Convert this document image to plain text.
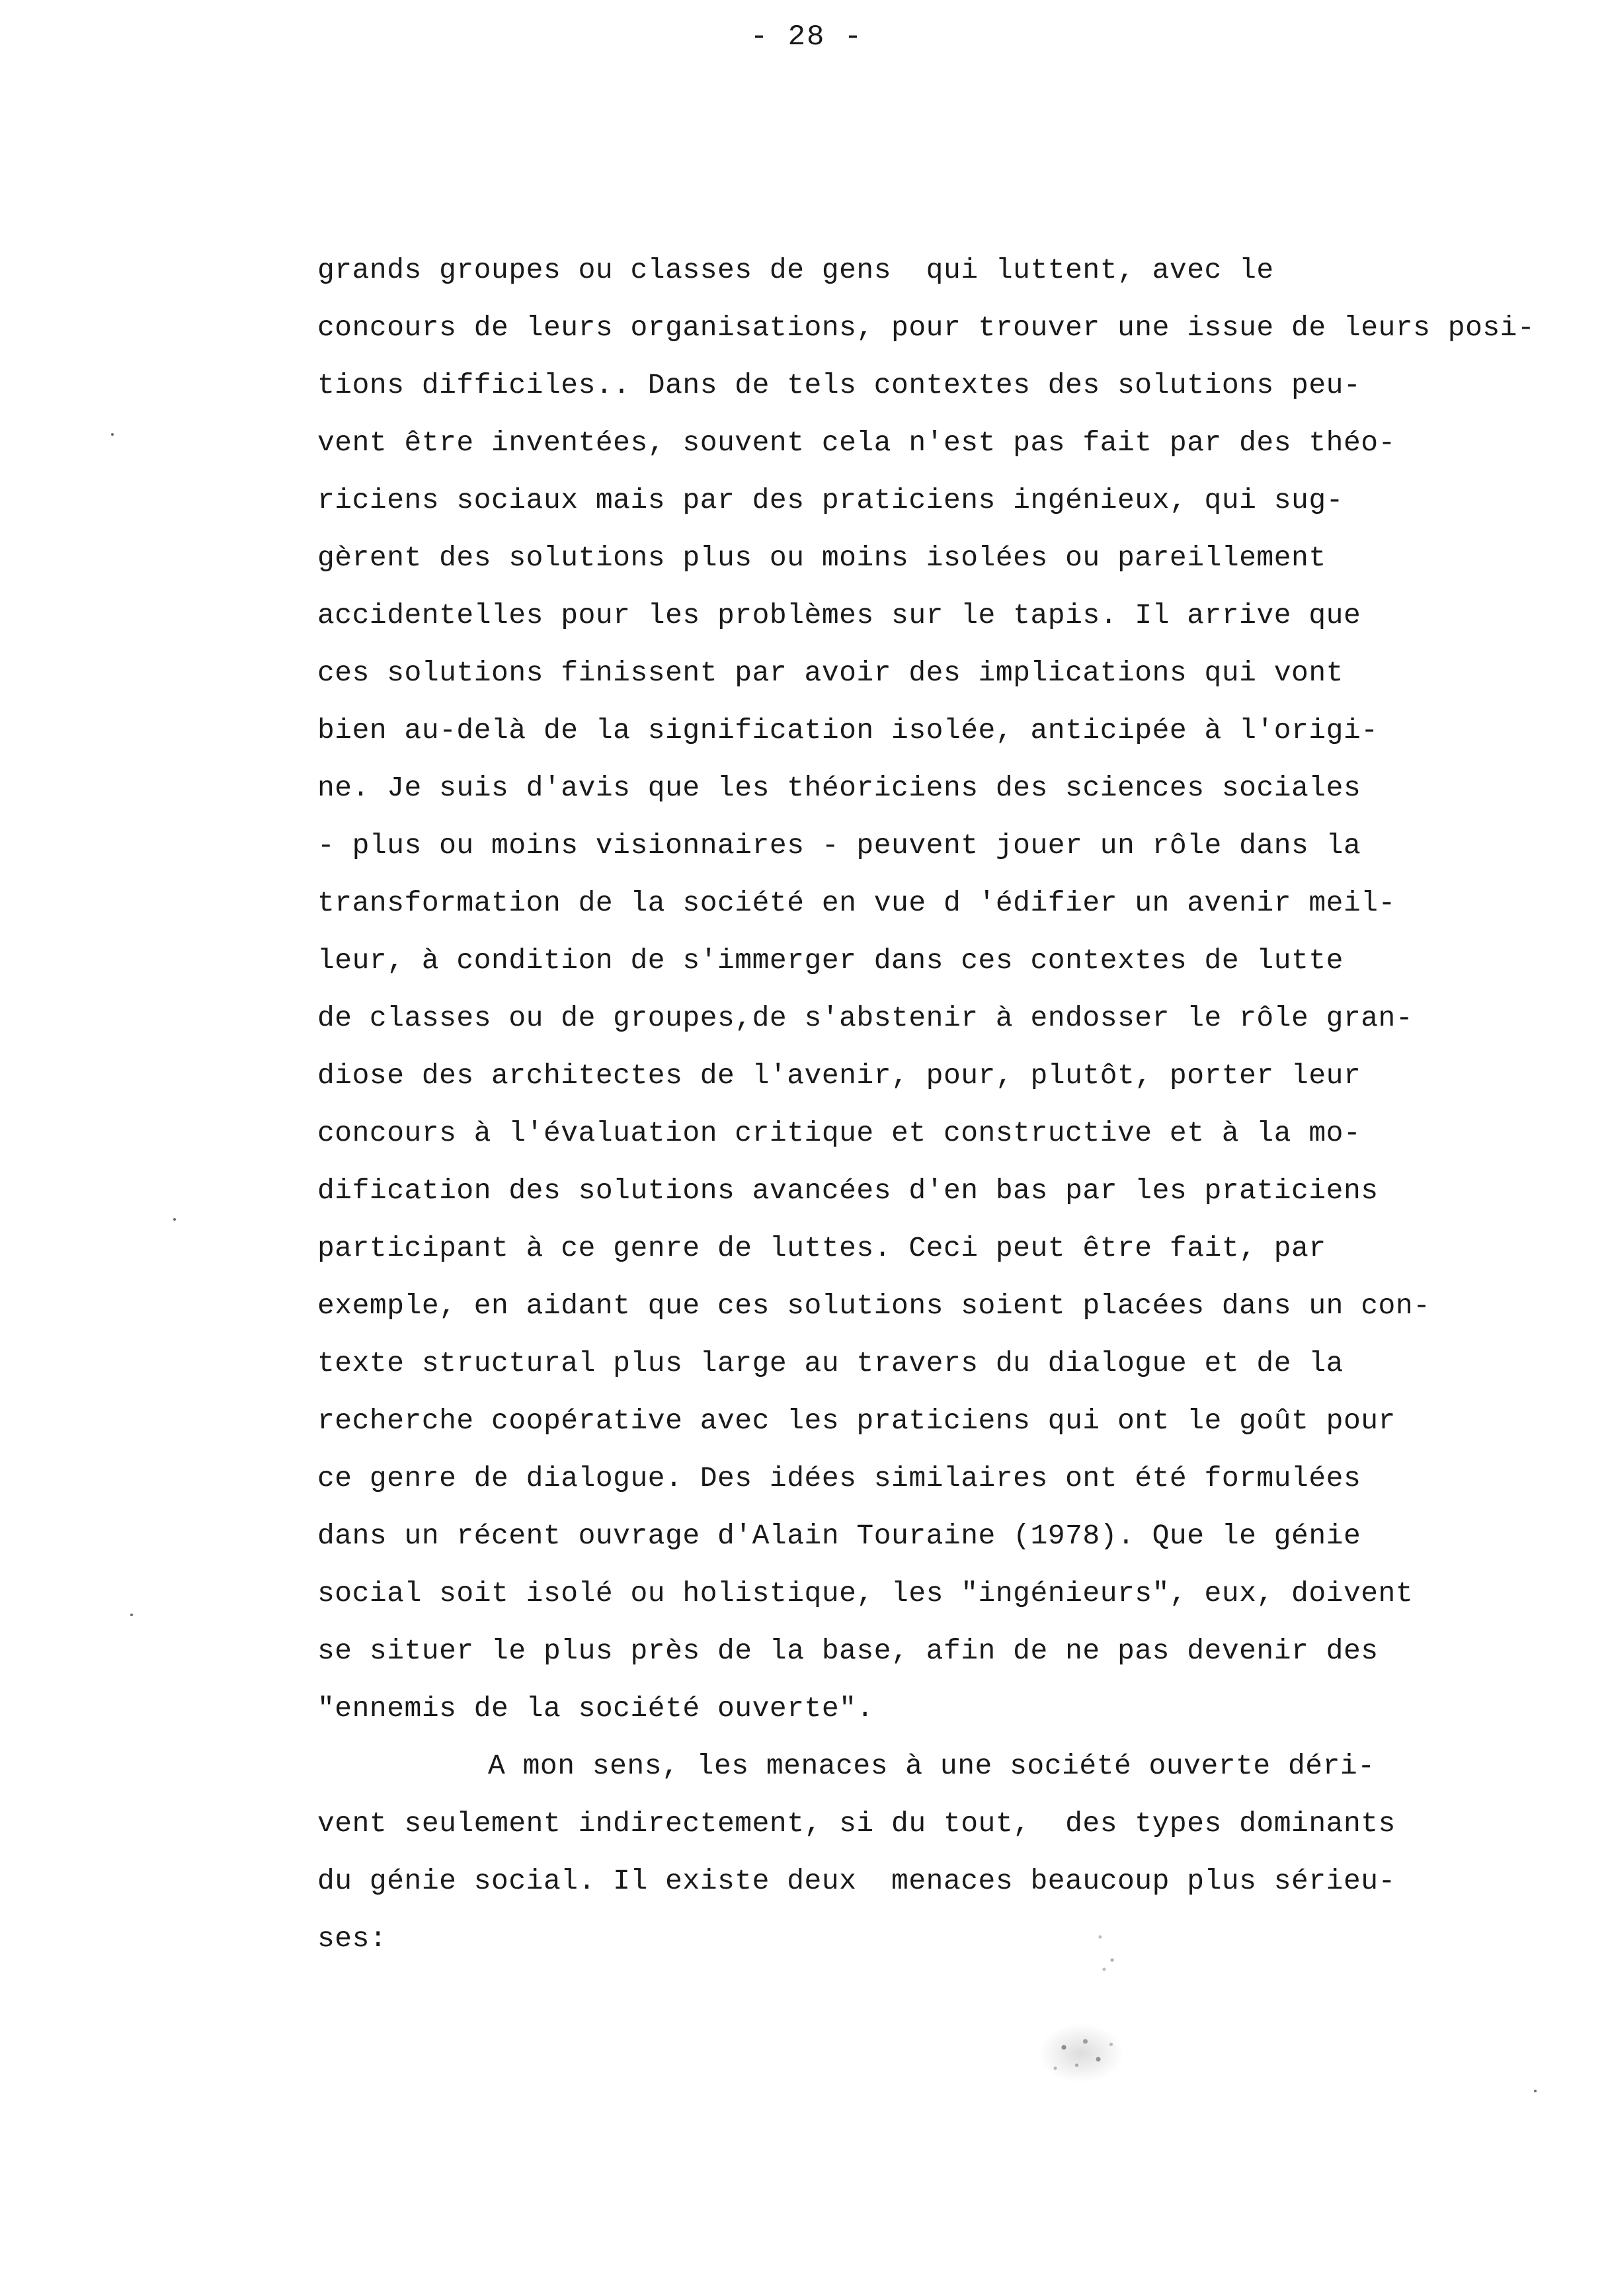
- 28 -
grands groupes ou classes de gens  qui luttent, avec le
concours de leurs organisations, pour trouver une issue de leurs posi-
tions difficiles.. Dans de tels contextes des solutions peu-
vent être inventées, souvent cela n'est pas fait par des théo-
riciens sociaux mais par des praticiens ingénieux, qui sug-
gèrent des solutions plus ou moins isolées ou pareillement
accidentelles pour les problèmes sur le tapis. Il arrive que
ces solutions finissent par avoir des implications qui vont
bien au-delà de la signification isolée, anticipée à l'origi-
ne. Je suis d'avis que les théoriciens des sciences sociales
- plus ou moins visionnaires - peuvent jouer un rôle dans la
transformation de la société en vue d 'édifier un avenir meil-
leur, à condition de s'immerger dans ces contextes de lutte
de classes ou de groupes,de s'abstenir à endosser le rôle gran-
diose des architectes de l'avenir, pour, plutôt, porter leur
concours à l'évaluation critique et constructive et à la mo-
dification des solutions avancées d'en bas par les praticiens
participant à ce genre de luttes. Ceci peut être fait, par
exemple, en aidant que ces solutions soient placées dans un con-
texte structural plus large au travers du dialogue et de la
recherche coopérative avec les praticiens qui ont le goût pour
ce genre de dialogue. Des idées similaires ont été formulées
dans un récent ouvrage d'Alain Touraine (1978). Que le génie
social soit isolé ou holistique, les "ingénieurs", eux, doivent
se situer le plus près de la base, afin de ne pas devenir des
"ennemis de la société ouverte".
A mon sens, les menaces à une société ouverte déri-
vent seulement indirectement, si du tout,  des types dominants
du génie social. Il existe deux  menaces beaucoup plus sérieu-
ses:
